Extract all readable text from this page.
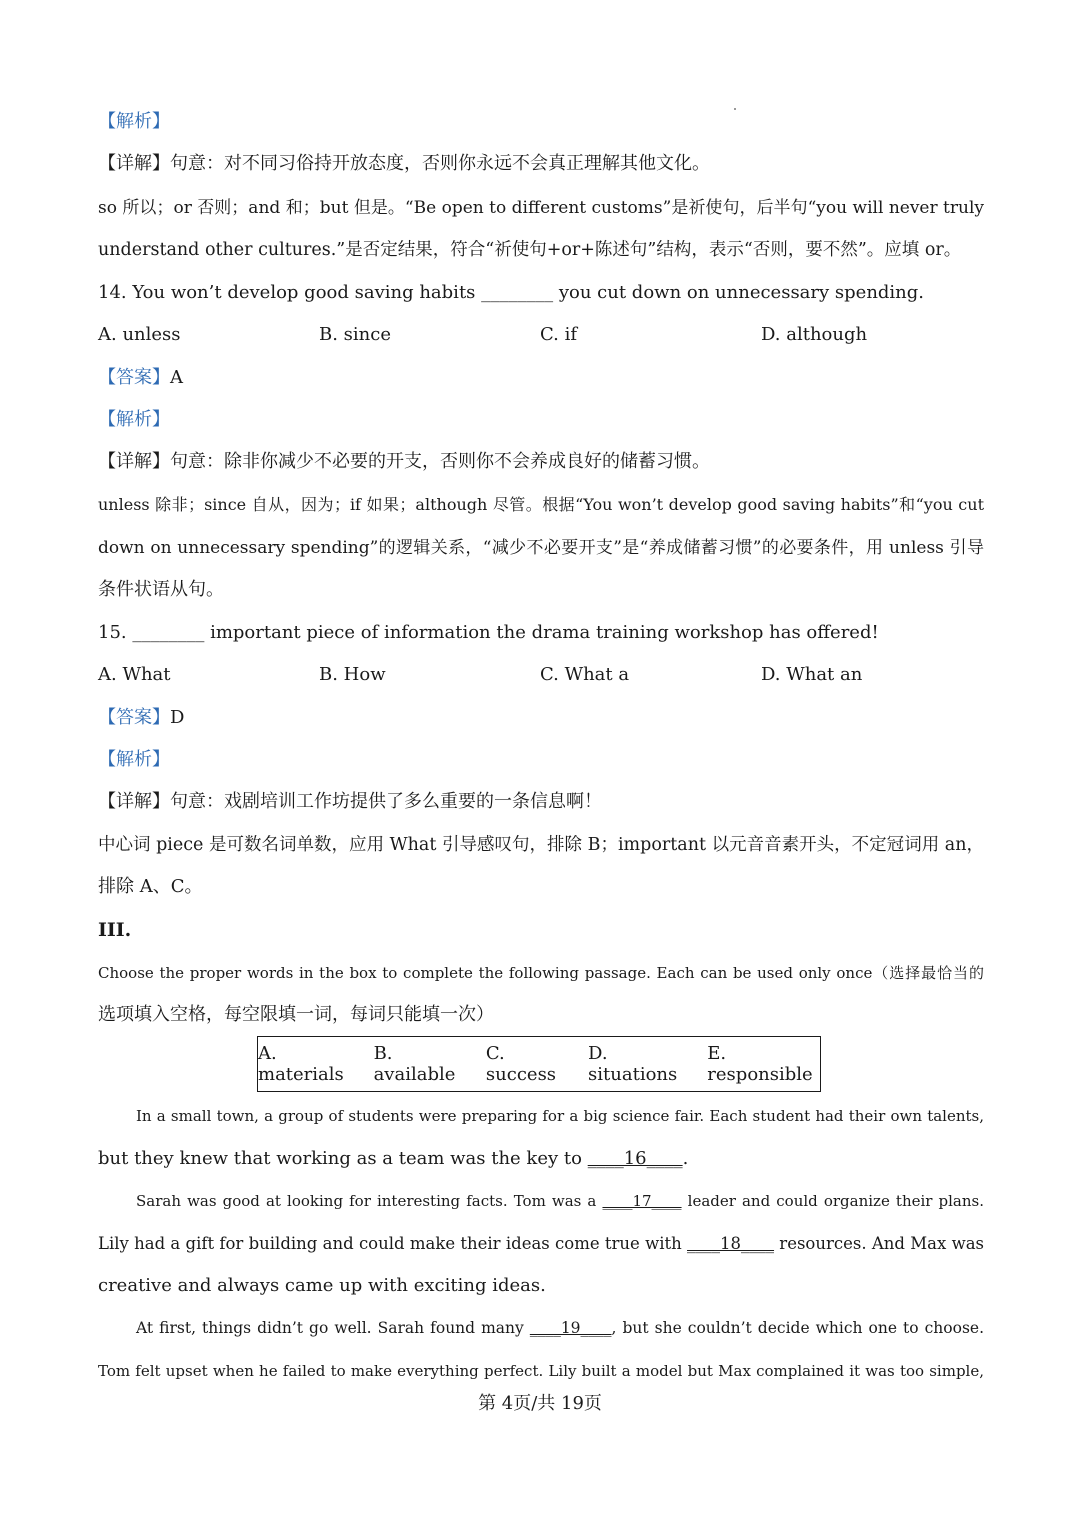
【解析】
【详解】句意：对不同习俗持开放态度，否则你永远不会真正理解其他文化。
so 所以；or 否则；and 和；but 但是。“Be open to different customs”是祈使句，后半句“you will never truly
understand other cultures.”是否定结果，符合“祈使句+or+陈述句”结构，表示“否则，要不然”。应填 or。
14. You won’t develop good saving habits ________ you cut down on unnecessary spending.
A. unless	B. since	C. if	D. although
【答案】A
【解析】
【详解】句意：除非你减少不必要的开支，否则你不会养成良好的储蓄习惯。
unless 除非；since 自从，因为；if 如果；although 尽管。根据“You won’t develop good saving habits”和“you cut
down on unnecessary spending”的逻辑关系，“减少不必要开支”是“养成储蓄习惯”的必要条件，用 unless 引导
条件状语从句。
15. ________ important piece of information the drama training workshop has offered!
A. What	B. How	C. What a	D. What an
【答案】D
【解析】
【详解】句意：戏剧培训工作坊提供了多么重要的一条信息啊！
中心词 piece 是可数名词单数，应用 What 引导感叹句，排除 B；important 以元音音素开头，不定冠词用 an，
排除 A、C。
III.
Choose the proper words in the box to complete the following passage. Each can be used only once（选择最恰当的
选项填入空格，每空限填一词，每词只能填一次）
A. materials
B. available
C. success
D. situations
E. responsible
In a small town, a group of students were preparing for a big science fair. Each student had their own talents,
but they knew that working as a team was the key to ____16____.
Sarah was good at looking for interesting facts. Tom was a ____17____ leader and could organize their plans.
Lily had a gift for building and could make their ideas come true with ____18____ resources. And Max was
creative and always came up with exciting ideas.
At first, things didn’t go well. Sarah found many ____19____, but she couldn’t decide which one to choose.
Tom felt upset when he failed to make everything perfect. Lily built a model but Max complained it was too simple,
第 4页/共 19页
